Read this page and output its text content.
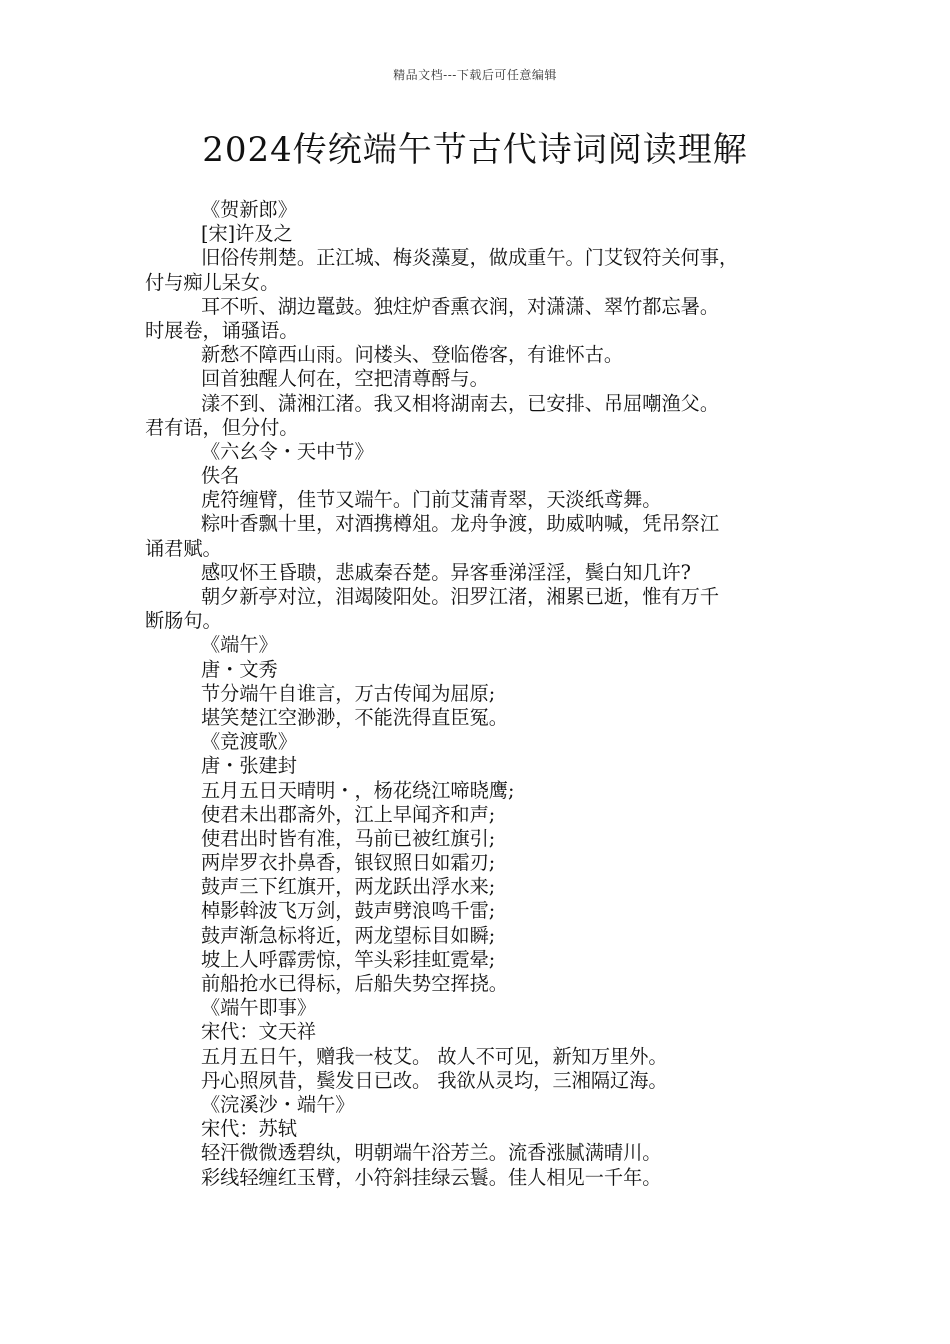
精品文档---下载后可任意编辑
2024传统端午节古代诗词阅读理解
《贺新郎》
[宋]许及之
旧俗传荆楚。正江城、梅炎藻夏，做成重午。门艾钗符关何事，
付与痴儿呆女。
耳不听、湖边鼍鼓。独炷炉香熏衣润，对潇潇、翠竹都忘暑。
时展卷，诵骚语。
新愁不障西山雨。问楼头、登临倦客，有谁怀古。
回首独醒人何在，空把清尊酹与。
漾不到、潇湘江渚。我又相将湖南去，已安排、吊屈嘲渔父。
君有语，但分付。
《六幺令・天中节》
佚名
虎符缠臂，佳节又端午。门前艾蒲青翠，天淡纸鸢舞。
粽叶香飘十里，对酒携樽俎。龙舟争渡，助威呐喊，凭吊祭江
诵君赋。
感叹怀王昏聩，悲戚秦吞楚。异客垂涕淫淫，鬓白知几许?
朝夕新亭对泣，泪竭陵阳处。汨罗江渚，湘累已逝，惟有万千
断肠句。
《端午》
唐・文秀
节分端午自谁言，万古传闻为屈原;
堪笑楚江空渺渺，不能洗得直臣冤。
《竞渡歌》
唐・张建封
五月五日天晴明・，杨花绕江啼晓鹰;
使君未出郡斋外，江上早闻齐和声;
使君出时皆有准，马前已被红旗引;
两岸罗衣扑鼻香，银钗照日如霜刃;
鼓声三下红旗开，两龙跃出浮水来;
棹影斡波飞万剑，鼓声劈浪鸣千雷;
鼓声渐急标将近，两龙望标目如瞬;
坡上人呼霹雳惊，竿头彩挂虹霓晕;
前船抢水已得标，后船失势空挥挠。
《端午即事》
宋代：文天祥
五月五日午，赠我一枝艾。 故人不可见，新知万里外。
丹心照夙昔，鬓发日已改。 我欲从灵均，三湘隔辽海。
《浣溪沙・端午》
宋代：苏轼
轻汗微微透碧纨，明朝端午浴芳兰。流香涨腻满晴川。
彩线轻缠红玉臂，小符斜挂绿云鬟。佳人相见一千年。
